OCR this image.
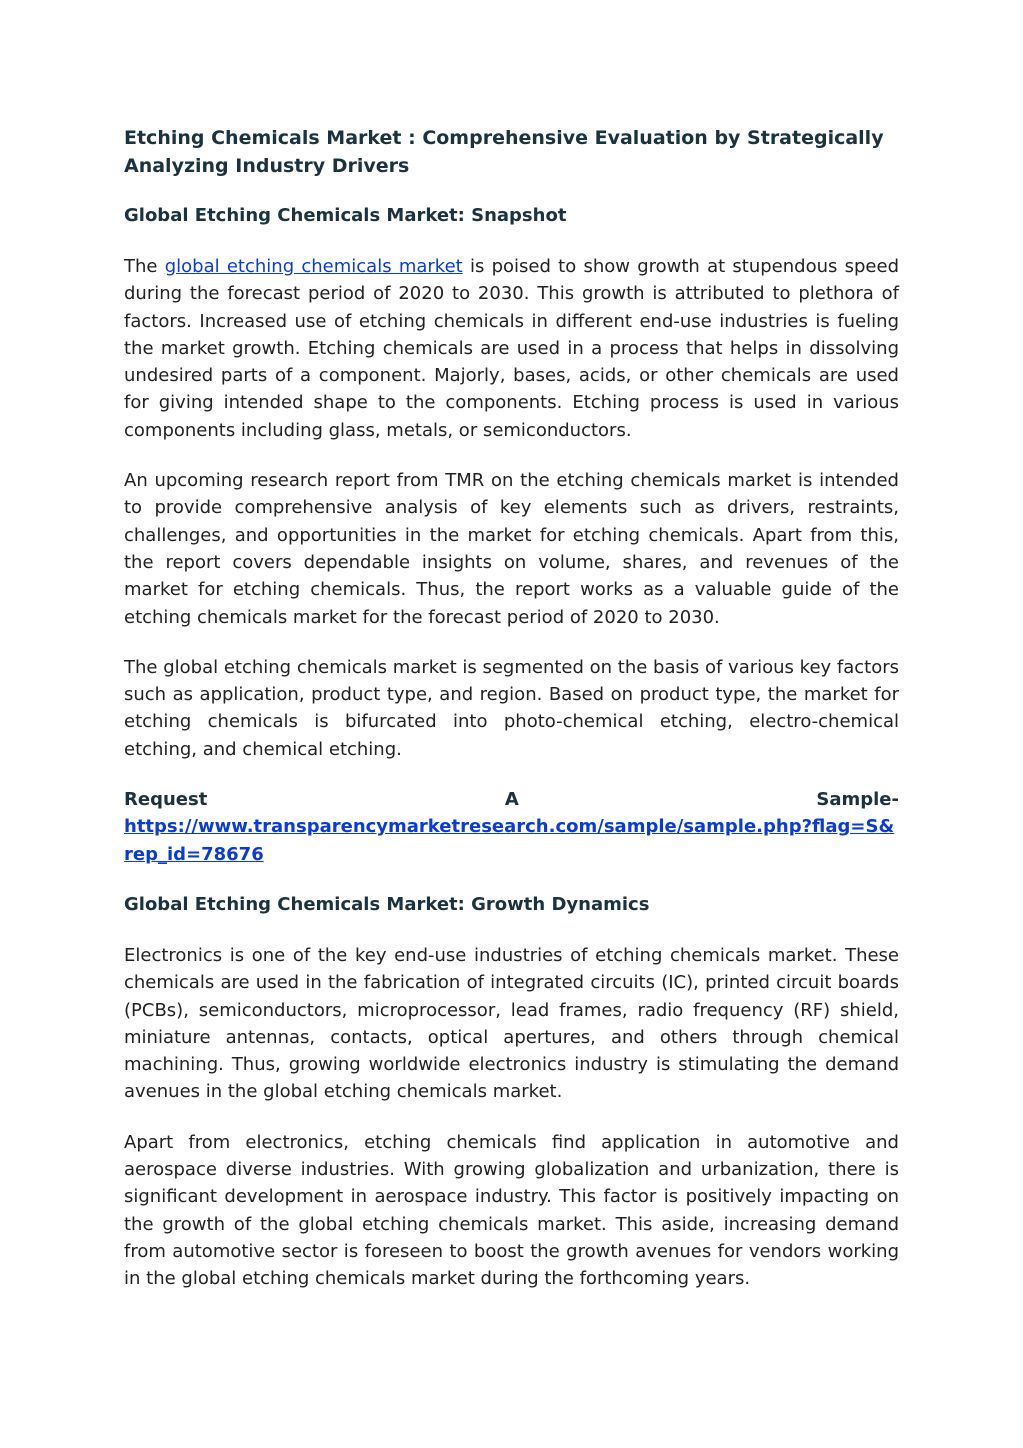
Etching Chemicals Market : Comprehensive Evaluation by Strategically Analyzing Industry Drivers
Global Etching Chemicals Market: Snapshot

The global etching chemicals market is poised to show growth at stupendous speed during the forecast period of 2020 to 2030. This growth is attributed to plethora of factors. Increased use of etching chemicals in different end-use industries is fueling the market growth. Etching chemicals are used in a process that helps in dissolving undesired parts of a component. Majorly, bases, acids, or other chemicals are used for giving intended shape to the components. Etching process is used in various components including glass, metals, or semiconductors.

An upcoming research report from TMR on the etching chemicals market is intended to provide comprehensive analysis of key elements such as drivers, restraints, challenges, and opportunities in the market for etching chemicals. Apart from this, the report covers dependable insights on volume, shares, and revenues of the market for etching chemicals. Thus, the report works as a valuable guide of the etching chemicals market for the forecast period of 2020 to 2030.

The global etching chemicals market is segmented on the basis of various key factors such as application, product type, and region. Based on product type, the market for etching chemicals is bifurcated into photo-chemical etching, electro-chemical etching, and chemical etching.

Request	A	Sample-
https://www.transparencymarketresearch.com/sample/sample.php?flag=S&rep_id=78676
Global Etching Chemicals Market: Growth Dynamics

Electronics is one of the key end-use industries of etching chemicals market. These chemicals are used in the fabrication of integrated circuits (IC), printed circuit boards (PCBs), semiconductors, microprocessor, lead frames, radio frequency (RF) shield, miniature antennas, contacts, optical apertures, and others through chemical machining. Thus, growing worldwide electronics industry is stimulating the demand avenues in the global etching chemicals market.

Apart from electronics, etching chemicals find application in automotive and aerospace diverse industries. With growing globalization and urbanization, there is significant development in aerospace industry. This factor is positively impacting on the growth of the global etching chemicals market. This aside, increasing demand from automotive sector is foreseen to boost the growth avenues for vendors working in the global etching chemicals market during the forthcoming years.
